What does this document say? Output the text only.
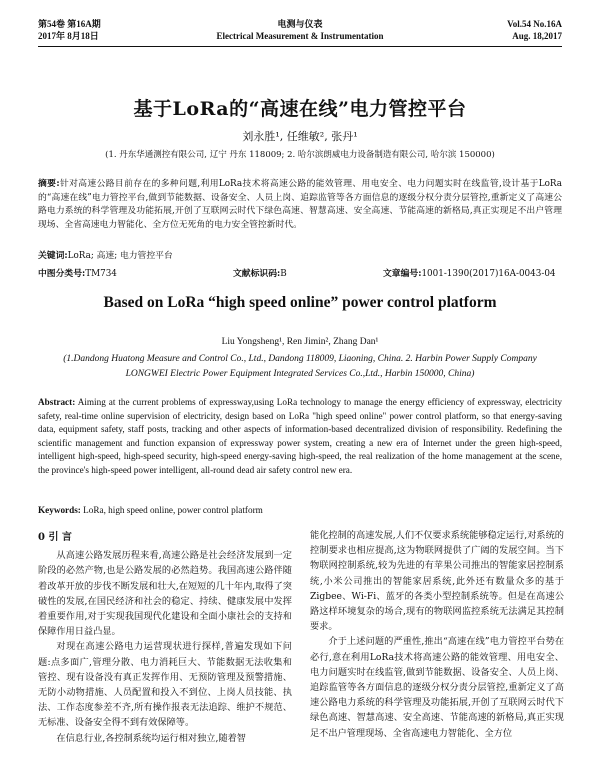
第54卷 第16A期
2017年 8月18日
电测与仪表
Electrical Measurement & Instrumentation
Vol.54 No.16A
Aug. 18,2017
基于LoRa的“高速在线”电力管控平台
刘永胜¹, 任维敏², 张丹¹
(1. 丹东华通测控有限公司, 辽宁 丹东 118009; 2. 哈尔滨朗威电力设备制造有限公司, 哈尔滨 150000)
摘要:针对高速公路目前存在的多种问题,利用LoRa技术将高速公路的能效管理、用电安全、电力问题实时在线监管,设计基于LoRa的“高速在线”电力管控平台,做到节能数据、设备安全、人员上岗、追踪监管等各方面信息的逐级分权分责分层管控,重新定义了高速公路电力系统的科学管理及功能拓展,开创了互联网云时代下绿色高速、智慧高速、安全高速、节能高速的新格局,真正实现足不出户管理现场、全省高速电力智能化、全方位无死角的电力安全管控新时代。
关键词:LoRa; 高速; 电力管控平台
中图分类号:TM734	文献标识码:B	文章编号:1001-1390(2017)16A-0043-04
Based on LoRa “high speed online” power control platform
Liu Yongsheng¹, Ren Jimin², Zhang Dan¹
(1.Dandong Huatong Measure and Control Co., Ltd., Dandong 118009, Liaoning, China. 2. Harbin Power Supply Company LONGWEI Electric Power Equipment Integrated Services Co.,Ltd., Harbin 150000, China)
Abstract: Aiming at the current problems of expressway,using LoRa technology to manage the energy efficiency of expressway, electricity safety, real-time online supervision of electricity, design based on LoRa "high speed online" power control platform, so that energy-saving data, equipment safety, staff posts, tracking and other aspects of information-based decentralized division of responsibility. Redefining the scientific management and function expansion of expressway power system, creating a new era of Internet under the green high-speed, intelligent high-speed, high-speed security, high-speed energy-saving high-speed, the real realization of the home management at the scene, the province's high-speed power intelligent, all-round dead air safety control new era.
Keywords: LoRa, high speed online, power control platform
0 引 言

从高速公路发展历程来看,高速公路是社会经济发展到一定阶段的必然产物,也是公路发展的必然趋势。我国高速公路伴随着改革开放的步伐不断发展和壮大,在短短的几十年内,取得了突破性的发展,在国民经济和社会的稳定、持续、健康发展中发挥着重要作用,对于实现我国现代化建设和全面小康社会的支持和保障作用日益凸显。

对现在高速公路电力运营现状进行探样,普遍发现如下问题:点多面广,管理分散、电力消耗巨大、节能数据无法收集和管控、现有设备没有真正发挥作用、无预防管理及预警措施、无防小动物措施、人员配置和投入不到位、上岗人员技能、执法、工作态度参差不齐,所有操作报表无法追踪、维护不规范、无标准、设备安全得不到有效保障等。

在信息行业,各控制系统均运行相对独立,随着智

能化控制的高速发展,人们不仅要求系统能够稳定运行,对系统的控制要求也相应提高,这为物联网提供了广阔的发展空间。当下物联网控制系统,较为先进的有苹果公司推出的智能家居控制系统,小米公司推出的智能家居系统,此外还有数量众多的基于Zigbee、Wi-Fi、蓝牙的各类小型控制系统等。但是在高速公路这样环境复杂的场合,现有的物联网监控系统无法满足其控制要求。

介于上述问题的严重性,推出“高速在线”电力管控平台势在必行,意在利用LoRa技术将高速公路的能效管理、用电安全、电力问题实时在线监管,做到节能数据、设备安全、人员上岗、追踪监管等各方面信息的逐级分权分责分层管控,重新定义了高速公路电力系统的科学管理及功能拓展,开创了互联网云时代下绿色高速、智慧高速、安全高速、节能高速的新格局,真正实现足不出户管理现场、全省高速电力智能化、全方位
